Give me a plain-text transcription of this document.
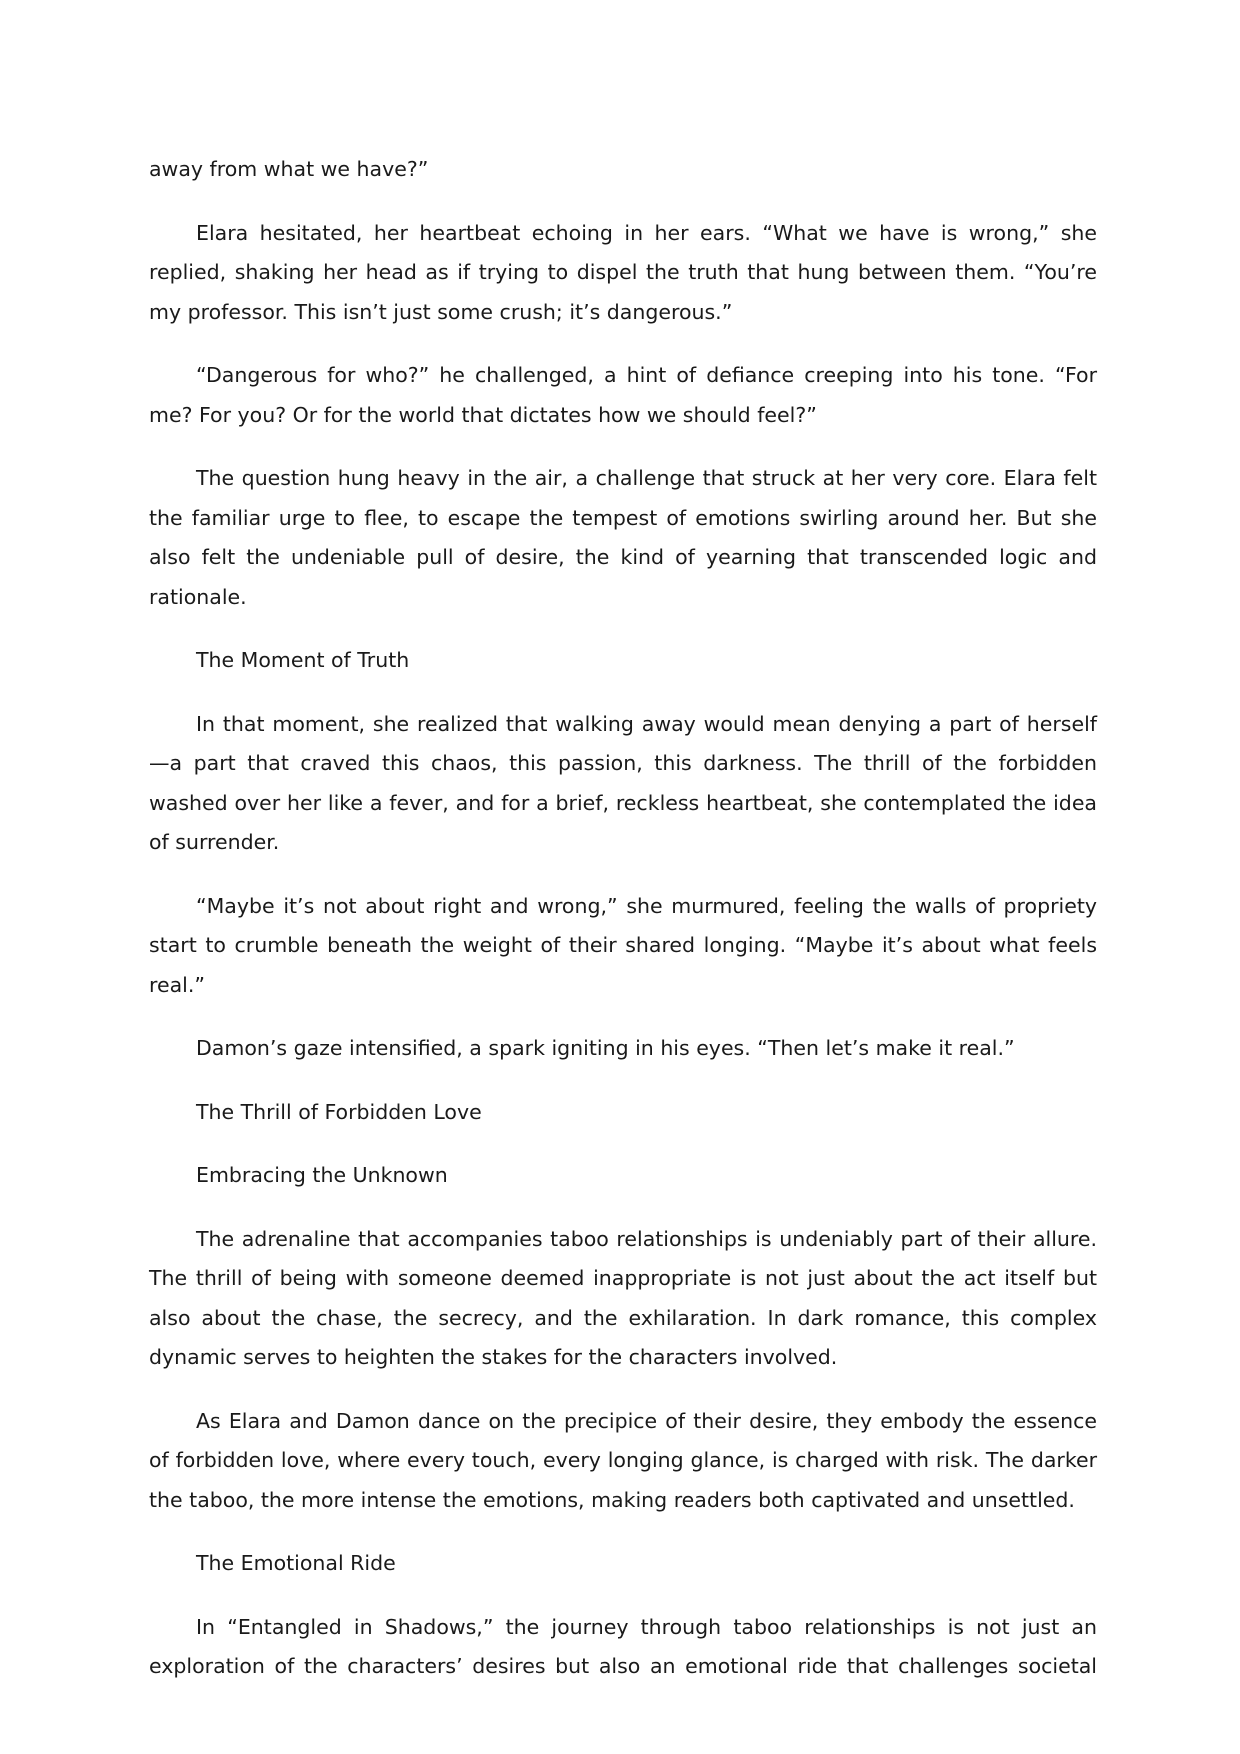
away from what we have?”

Elara hesitated, her heartbeat echoing in her ears. “What we have is wrong,” she replied, shaking her head as if trying to dispel the truth that hung between them. “You’re my professor. This isn’t just some crush; it’s dangerous.”

“Dangerous for who?” he challenged, a hint of defiance creeping into his tone. “For me? For you? Or for the world that dictates how we should feel?”

The question hung heavy in the air, a challenge that struck at her very core. Elara felt the familiar urge to flee, to escape the tempest of emotions swirling around her. But she also felt the undeniable pull of desire, the kind of yearning that transcended logic and rationale.

The Moment of Truth

In that moment, she realized that walking away would mean denying a part of herself—a part that craved this chaos, this passion, this darkness. The thrill of the forbidden washed over her like a fever, and for a brief, reckless heartbeat, she contemplated the idea of surrender.

“Maybe it’s not about right and wrong,” she murmured, feeling the walls of propriety start to crumble beneath the weight of their shared longing. “Maybe it’s about what feels real.”

Damon’s gaze intensified, a spark igniting in his eyes. “Then let’s make it real.”

The Thrill of Forbidden Love

Embracing the Unknown

The adrenaline that accompanies taboo relationships is undeniably part of their allure. The thrill of being with someone deemed inappropriate is not just about the act itself but also about the chase, the secrecy, and the exhilaration. In dark romance, this complex dynamic serves to heighten the stakes for the characters involved.

As Elara and Damon dance on the precipice of their desire, they embody the essence of forbidden love, where every touch, every longing glance, is charged with risk. The darker the taboo, the more intense the emotions, making readers both captivated and unsettled.

The Emotional Ride

In “Entangled in Shadows,” the journey through taboo relationships is not just an exploration of the characters’ desires but also an emotional ride that challenges societal
